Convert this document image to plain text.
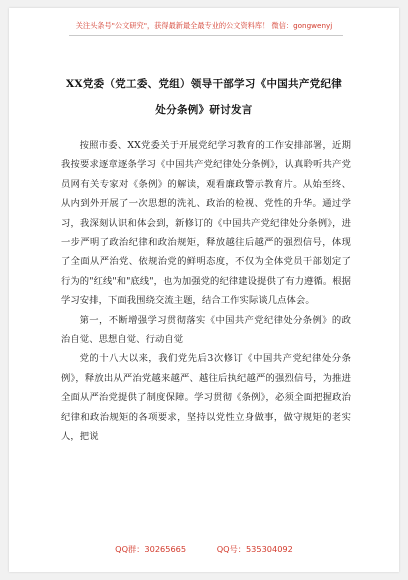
关注头条号"公文研究"，获得最新最全最专业的公文资料库！ 微信：gongwenyj
XX党委（党工委、党组）领导干部学习《中国共产党纪律
处分条例》研讨发言

按照市委、XX党委关于开展党纪学习教育的工作安排部署，近期我按要求逐章逐条学习《中国共产党纪律处分条例》，认真聆听共产党员网有关专家对《条例》的解读，观看廉政警示教育片。从始至终、从内到外开展了一次思想的洗礼、政治的检视、党性的升华。通过学习，我深刻认识和体会到，新修订的《中国共产党纪律处分条例》，进一步严明了政治纪律和政治规矩，释放越往后越严的强烈信号，体现了全面从严治党、依规治党的鲜明态度，不仅为全体党员干部划定了行为的"红线"和"底线"，也为加强党的纪律建设提供了有力遵循。根据学习安排，下面我围绕交流主题，结合工作实际谈几点体会。

第一，不断增强学习贯彻落实《中国共产党纪律处分条例》的政治自觉、思想自觉、行动自觉

党的十八大以来，我们党先后3次修订《中国共产党纪律处分条例》，释放出从严治党越来越严、越往后执纪越严的强烈信号，为推进全面从严治党提供了制度保障。学习贯彻《条例》，必须全面把握政治纪律和政治规矩的各项要求，坚持以党性立身做事，做守规矩的老实人，把说

QQ群：30265665	QQ号：535304092
